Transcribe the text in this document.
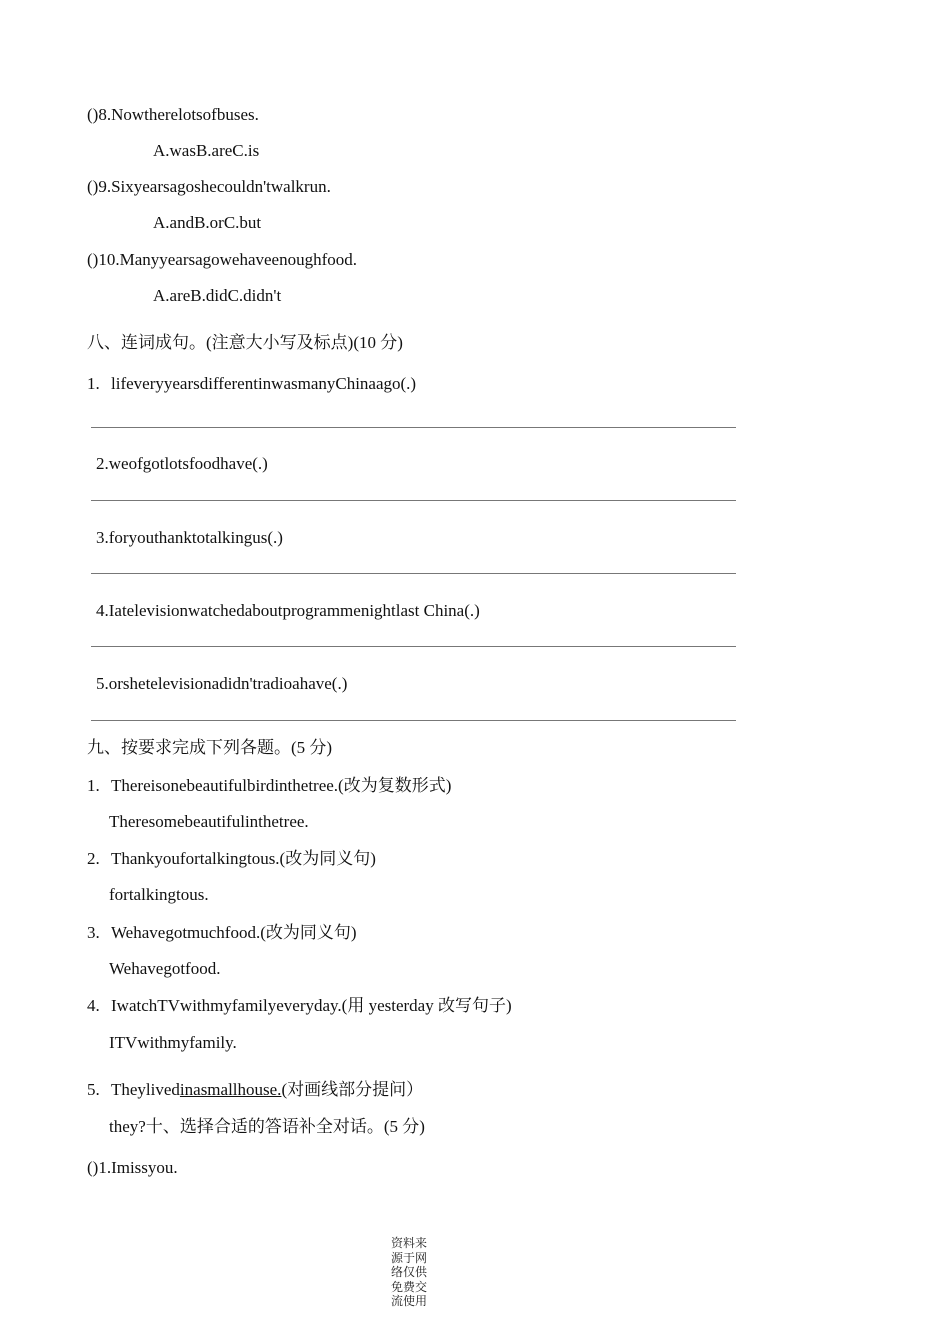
()8.Nowtherelotsofbuses.
A.wasB.areC.is
()9.Sixyearsagoshecouldn'twalkrun.
A.andB.orC.but
()10.Manyyearsagowehaveenoughfood.
A.areB.didC.didn't
八、连词成句。(注意大小写及标点)(10 分)
1. lifeveryyearsdifferentinwasmanyChinaago(.)
2.weofgotlotsfoodhave(.)
3.foryouthanktotalkingus(.)
4.Iatelevisionwatchedaboutprogrammenightlast China(.)
5.orshetelevisionadidn'tradioahave(.)
九、按要求完成下列各题。(5 分)
1. Thereisonebeautifulbirdinthetree.(改为复数形式)
Theresomebeautifulinthetree.
2. Thankyoufortalkingtous.(改为同义句)
fortalkingtous.
3. Wehavegotmuchfood.(改为同义句)
Wehavegotfood.
4. IwatchTVwithmyfamilyeveryday.(用 yesterday 改写句子)
ITVwithmyfamily.
5. Theylivedinasmallhouse.(对画线部分提问）
they?十、选择合适的答语补全对话。(5 分)
()1.Imissyou.
资料来源于网络仅供免费交流使用
